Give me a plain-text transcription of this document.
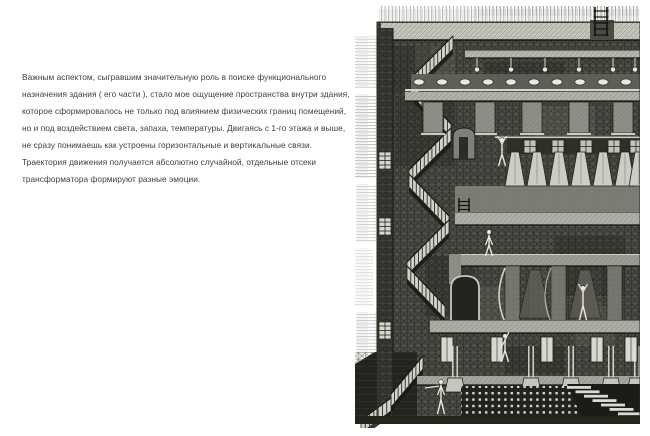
Важным аспектом, сыгравшим значительную роль в поиске функционального
назначения здания ( его части ), стало мое ощущение пространства внутри здания,
которое сформировалось не только под влиянием физических границ помещений,
но и под воздействием света, запаха, температуры. Двигаясь с 1-го этажа и выше,
не сразу понимаешь как устроены горизонтальные и вертикальные связи.
Траектория движения получается абсолютно случайной, отдельные отсеки
трансформатора формируют разные эмоции.
